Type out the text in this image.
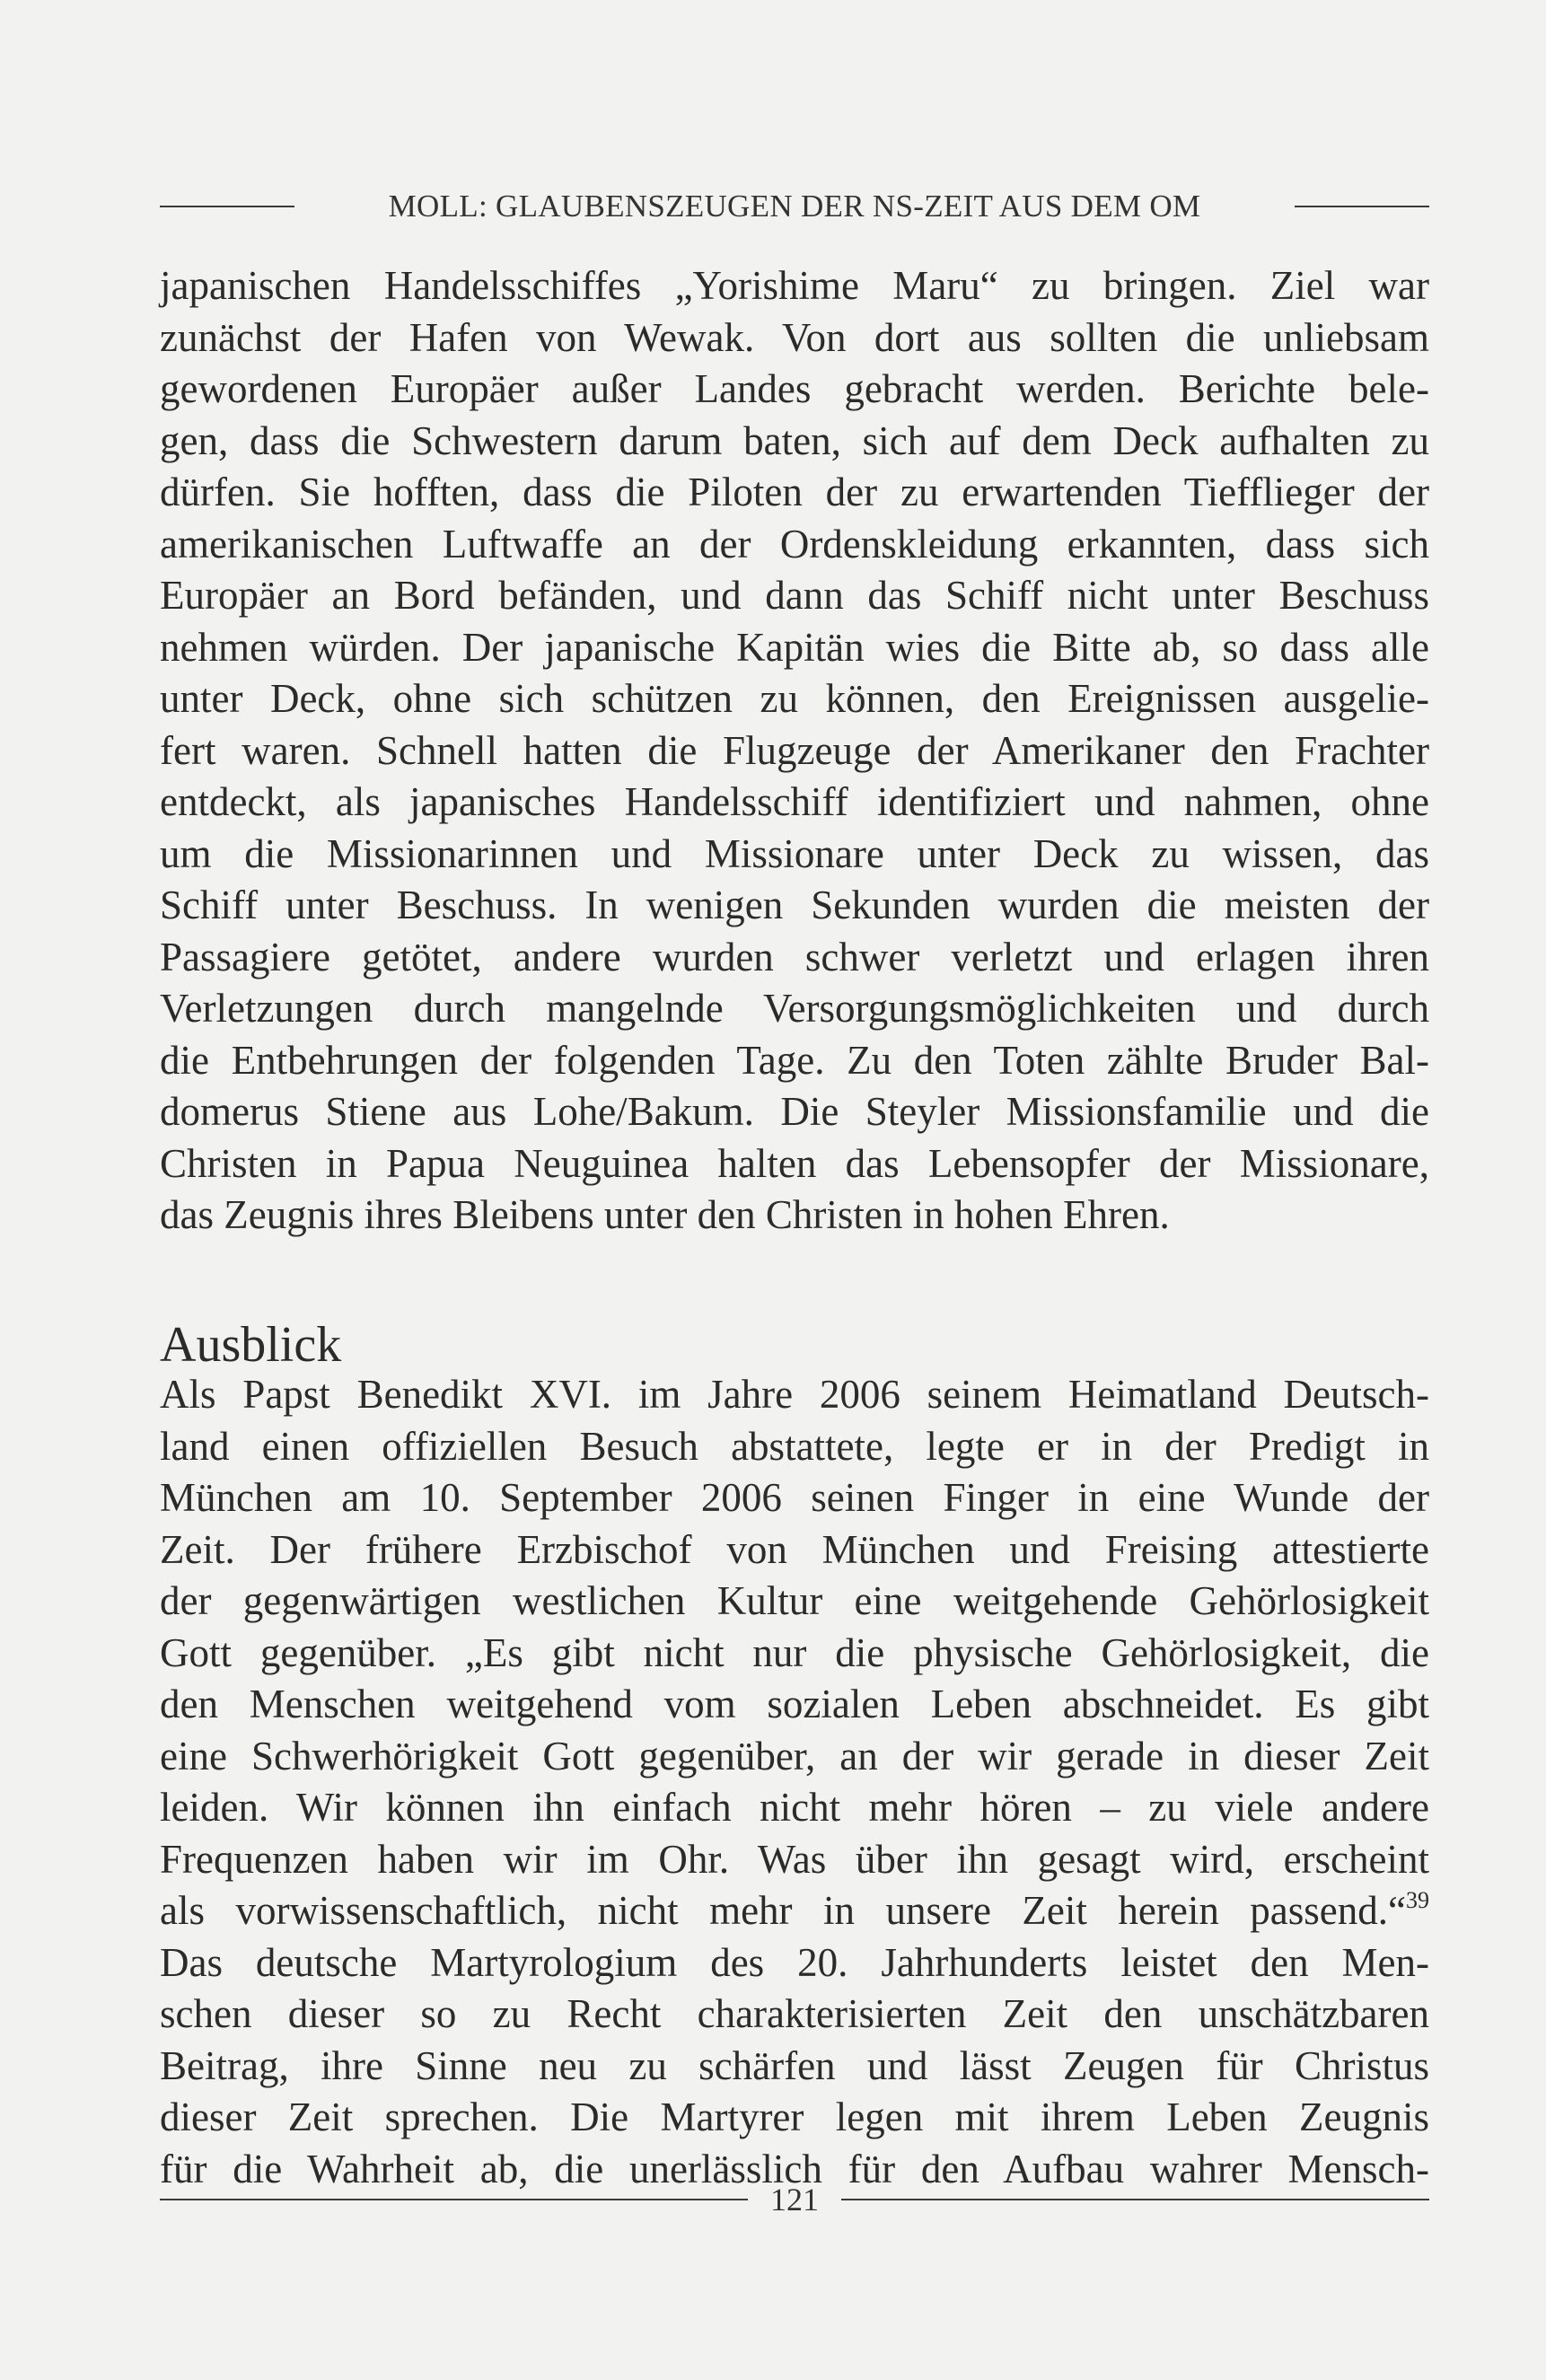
MOLL: GLAUBENSZEUGEN DER NS-ZEIT AUS DEM OM
japanischen Handelsschiffes „Yorishime Maru“ zu bringen. Ziel war
zunächst der Hafen von Wewak. Von dort aus sollten die unliebsam
gewordenen Europäer außer Landes gebracht werden. Berichte bele-
gen, dass die Schwestern darum baten, sich auf dem Deck aufhalten zu
dürfen. Sie hofften, dass die Piloten der zu erwartenden Tiefflieger der
amerikanischen Luftwaffe an der Ordenskleidung erkannten, dass sich
Europäer an Bord befänden, und dann das Schiff nicht unter Beschuss
nehmen würden. Der japanische Kapitän wies die Bitte ab, so dass alle
unter Deck, ohne sich schützen zu können, den Ereignissen ausgelie-
fert waren. Schnell hatten die Flugzeuge der Amerikaner den Frachter
entdeckt, als japanisches Handelsschiff identifiziert und nahmen, ohne
um die Missionarinnen und Missionare unter Deck zu wissen, das
Schiff unter Beschuss. In wenigen Sekunden wurden die meisten der
Passagiere getötet, andere wurden schwer verletzt und erlagen ihren
Verletzungen durch mangelnde Versorgungsmöglichkeiten und durch
die Entbehrungen der folgenden Tage. Zu den Toten zählte Bruder Bal-
domerus Stiene aus Lohe/Bakum. Die Steyler Missionsfamilie und die
Christen in Papua Neuguinea halten das Lebensopfer der Missionare,
das Zeugnis ihres Bleibens unter den Christen in hohen Ehren.
Ausblick
Als Papst Benedikt XVI. im Jahre 2006 seinem Heimatland Deutsch-
land einen offiziellen Besuch abstattete, legte er in der Predigt in
München am 10. September 2006 seinen Finger in eine Wunde der
Zeit. Der frühere Erzbischof von München und Freising attestierte
der gegenwärtigen westlichen Kultur eine weitgehende Gehörlosigkeit
Gott gegenüber. „Es gibt nicht nur die physische Gehörlosigkeit, die
den Menschen weitgehend vom sozialen Leben abschneidet. Es gibt
eine Schwerhörigkeit Gott gegenüber, an der wir gerade in dieser Zeit
leiden. Wir können ihn einfach nicht mehr hören – zu viele andere
Frequenzen haben wir im Ohr. Was über ihn gesagt wird, erscheint
als vorwissenschaftlich, nicht mehr in unsere Zeit herein passend.“$^{39}$
Das deutsche Martyrologium des 20. Jahrhunderts leistet den Men-
schen dieser so zu Recht charakterisierten Zeit den unschätzbaren
Beitrag, ihre Sinne neu zu schärfen und lässt Zeugen für Christus
dieser Zeit sprechen. Die Martyrer legen mit ihrem Leben Zeugnis
für die Wahrheit ab, die unerlässlich für den Aufbau wahrer Mensch-
121
